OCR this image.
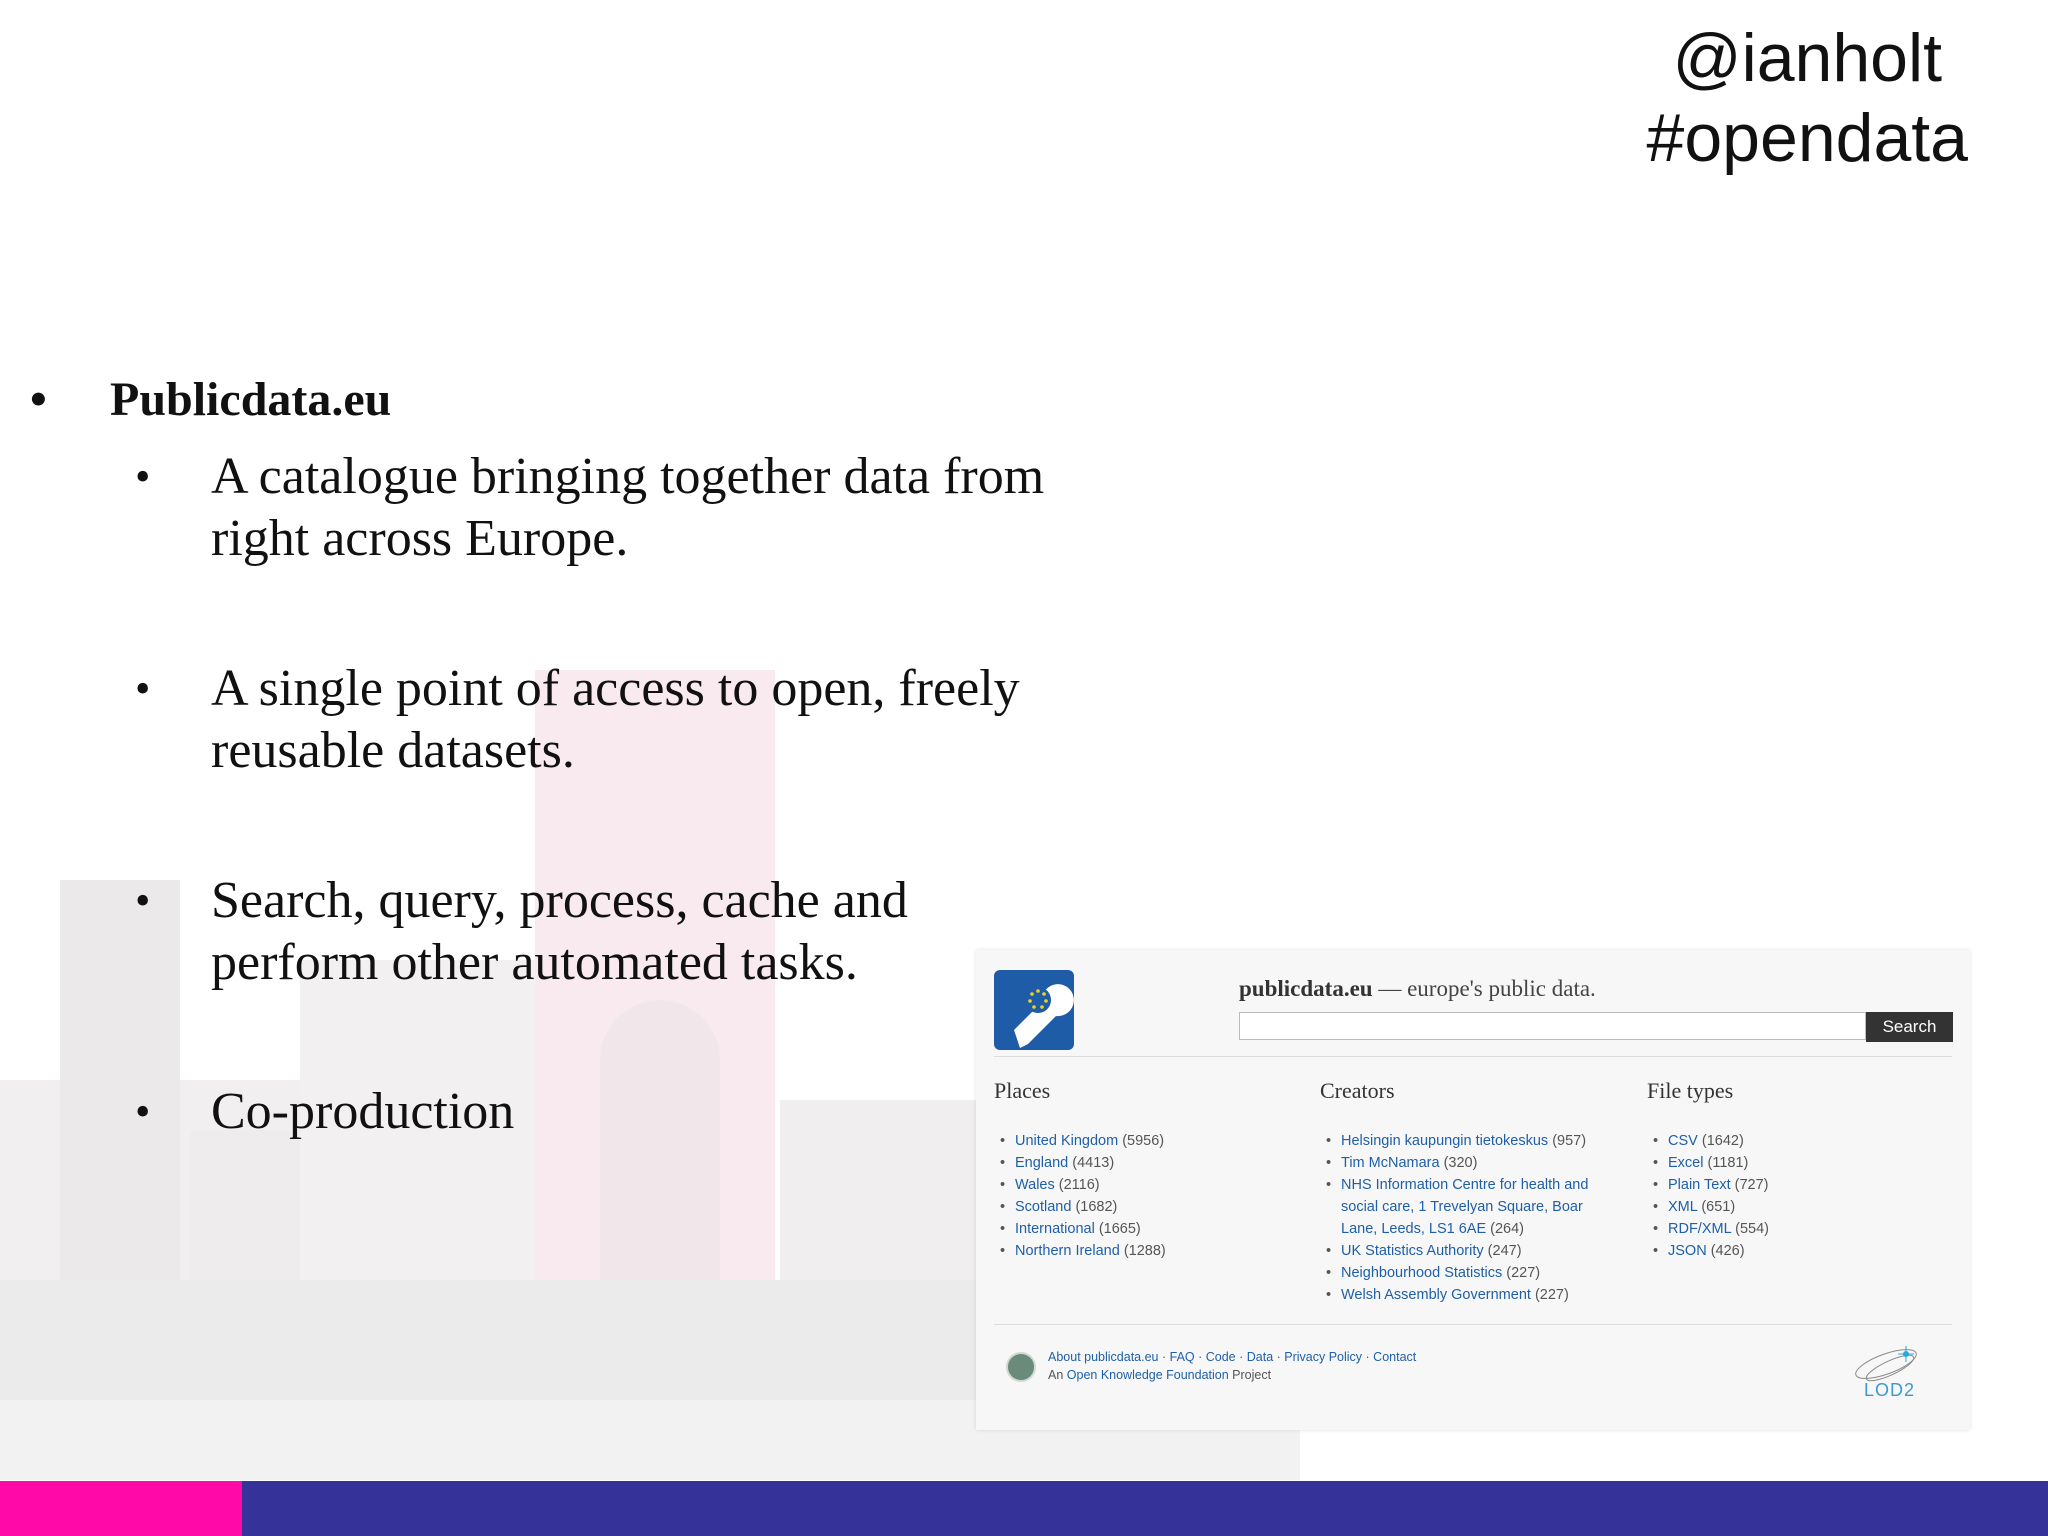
@ianholt
#opendata
• Publicdata.eu
• A catalogue bringing together data from
right across Europe.
• A single point of access to open, freely
reusable datasets.
• Search, query, process, cache and
perform other automated tasks.
• Co-production
publicdata.eu — europe's public data.
Search
Places
• United Kingdom (5956)
• England (4413)
• Wales (2116)
• Scotland (1682)
• International (1665)
• Northern Ireland (1288)
Creators
• Helsingin kaupungin tietokeskus (957)
• Tim McNamara (320)
• NHS Information Centre for health and
social care, 1 Trevelyan Square, Boar
Lane, Leeds, LS1 6AE (264)
• UK Statistics Authority (247)
• Neighbourhood Statistics (227)
• Welsh Assembly Government (227)
File types
• CSV (1642)
• Excel (1181)
• Plain Text (727)
• XML (651)
• RDF/XML (554)
• JSON (426)
About publicdata.eu · FAQ · Code · Data · Privacy Policy · Contact
An Open Knowledge Foundation Project
LOD2
